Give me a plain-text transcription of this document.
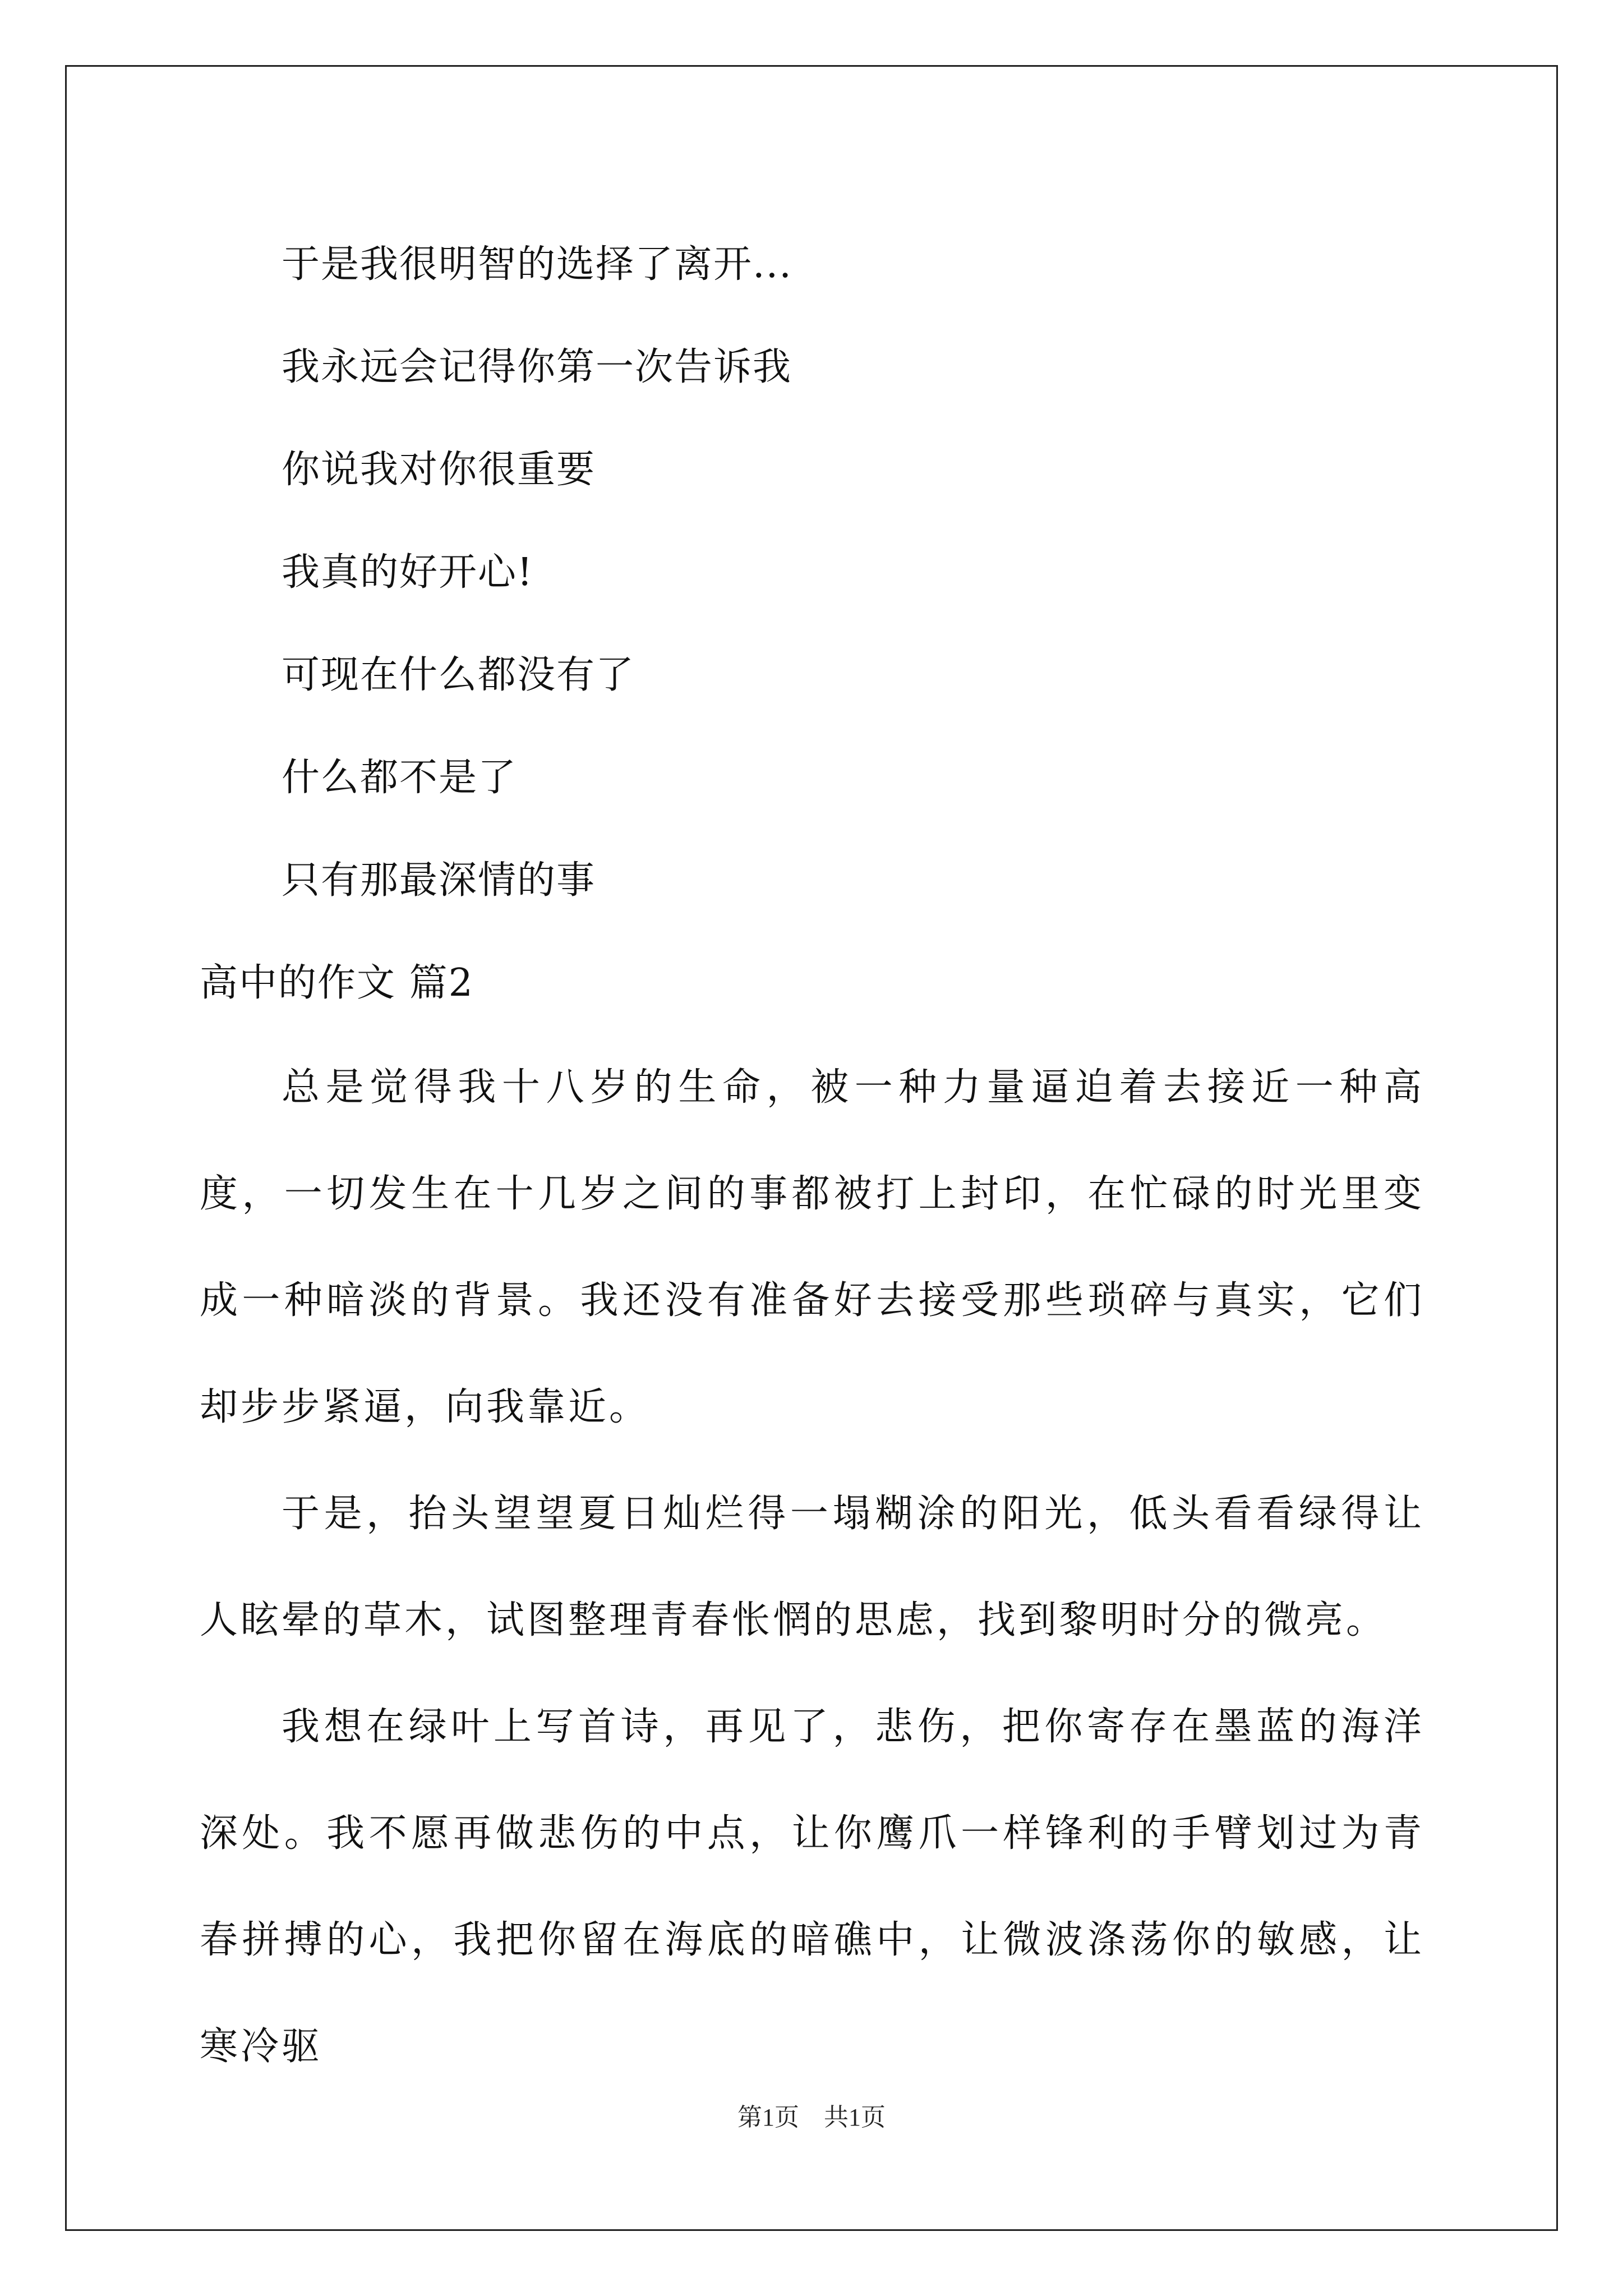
于是我很明智的选择了离开...
我永远会记得你第一次告诉我
你说我对你很重要
我真的好开心!
可现在什么都没有了
什么都不是了
只有那最深情的事
高中的作文 篇2

总是觉得我十八岁的生命，被一种力量逼迫着去接近一种高度，一切发生在十几岁之间的事都被打上封印，在忙碌的时光里变成一种暗淡的背景。我还没有准备好去接受那些琐碎与真实，它们却步步紧逼，向我靠近。

于是，抬头望望夏日灿烂得一塌糊涂的阳光，低头看看绿得让人眩晕的草木，试图整理青春怅惘的思虑，找到黎明时分的微亮。

我想在绿叶上写首诗，再见了，悲伤，把你寄存在墨蓝的海洋深处。我不愿再做悲伤的中点，让你鹰爪一样锋利的手臂划过为青春拼搏的心，我把你留在海底的暗礁中，让微波涤荡你的敏感，让寒冷驱

第1页　共1页
